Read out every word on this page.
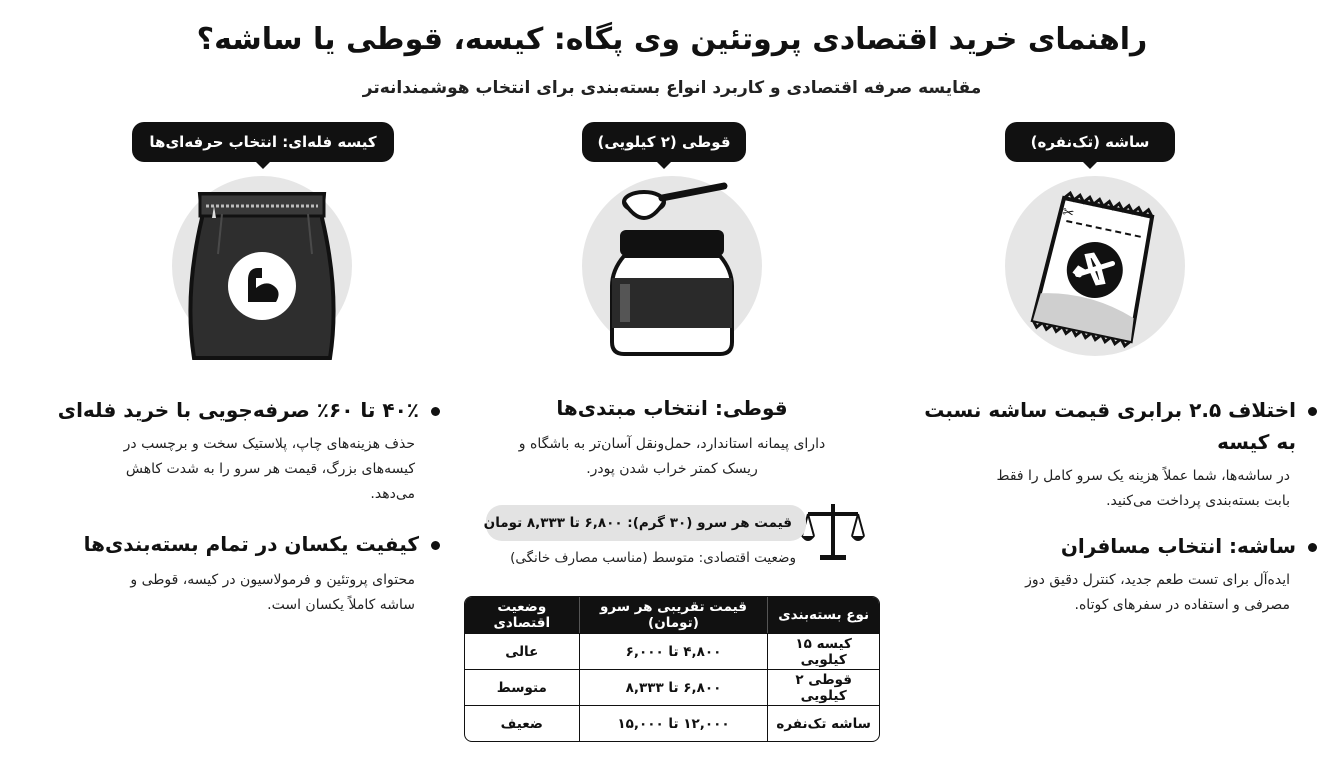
راهنمای خرید اقتصادی پروتئین وی پگاه: کیسه، قوطی یا ساشه؟
مقایسه صرفه اقتصادی و کاربرد انواع بسته‌بندی برای انتخاب هوشمندانه‌تر
ساشه (تک‌نفره)
✂
اختلاف ۲.۵ برابری قیمت ساشه نسبت
به کیسه
در ساشه‌ها، شما عملاً هزینه یک سرو کامل را فقط
بابت بسته‌بندی پرداخت می‌کنید.
ساشه: انتخاب مسافران
ایده‌آل برای تست طعم جدید، کنترل دقیق دوز
مصرفی و استفاده در سفرهای کوتاه.
قوطی (۲ کیلویی)
قوطی: انتخاب مبتدی‌ها
دارای پیمانه استاندارد، حمل‌ونقل آسان‌تر به باشگاه و
ریسک کمتر خراب شدن پودر.
قیمت هر سرو (۳۰ گرم): ۶,۸۰۰ تا ۸,۳۳۳ تومان
وضعیت اقتصادی: متوسط (مناسب مصارف خانگی)
نوع بسته‌بندی	قیمت تقریبی هر سرو (تومان)	وضعیت اقتصادی
کیسه ۱۵ کیلویی	۴,۸۰۰ تا ۶,۰۰۰	عالی
قوطی ۲ کیلویی	۶,۸۰۰ تا ۸,۳۳۳	متوسط
ساشه تک‌نفره	۱۲,۰۰۰ تا ۱۵,۰۰۰	ضعیف
کیسه فله‌ای: انتخاب حرفه‌ای‌ها
۴۰٪ تا ۶۰٪ صرفه‌جویی با خرید فله‌ای
حذف هزینه‌های چاپ، پلاستیک سخت و برچسب در
کیسه‌های بزرگ، قیمت هر سرو را به شدت کاهش
می‌دهد.
کیفیت یکسان در تمام بسته‌بندی‌ها
محتوای پروتئین و فرمولاسیون در کیسه، قوطی و
ساشه کاملاً یکسان است.
